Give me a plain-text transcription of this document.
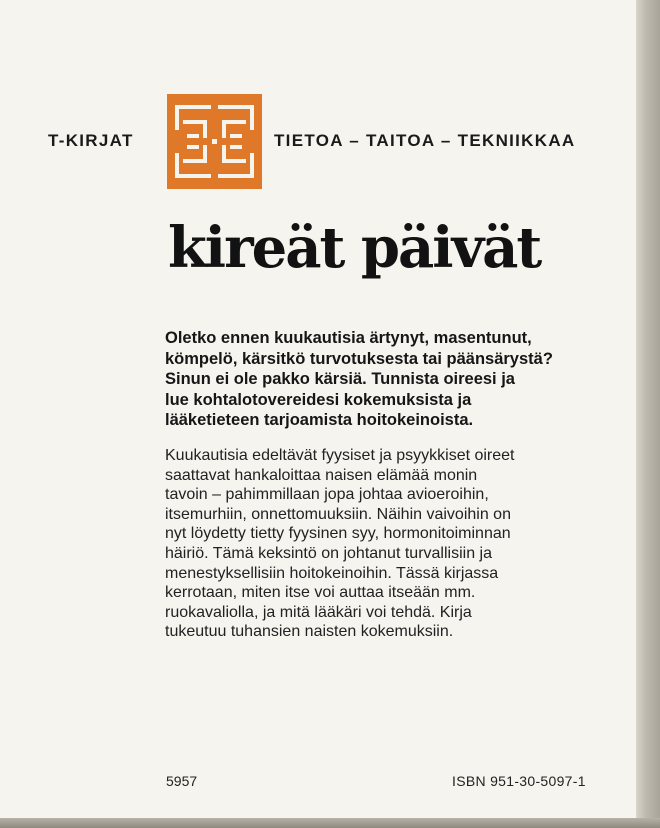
T-KIRJAT	TIETOA – TAITOA – TEKNIIKKAA
kireät päivät
Oletko ennen kuukautisia ärtynyt, masentunut,
kömpelö, kärsitkö turvotuksesta tai päänsärystä?
Sinun ei ole pakko kärsiä. Tunnista oireesi ja
lue kohtalotovereidesi kokemuksista ja
lääketieteen tarjoamista hoitokeinoista.
Kuukautisia edeltävät fyysiset ja psyykkiset oireet
saattavat hankaloittaa naisen elämää monin
tavoin – pahimmillaan jopa johtaa avioeroihin,
itsemurhiin, onnettomuuksiin. Näihin vaivoihin on
nyt löydetty tietty fyysinen syy, hormonitoiminnan
häiriö. Tämä keksintö on johtanut turvallisiin ja
menestyksellisiin hoitokeinoihin. Tässä kirjassa
kerrotaan, miten itse voi auttaa itseään mm.
ruokavaliolla, ja mitä lääkäri voi tehdä. Kirja
tukeutuu tuhansien naisten kokemuksiin.
5957	ISBN 951-30-5097-1
